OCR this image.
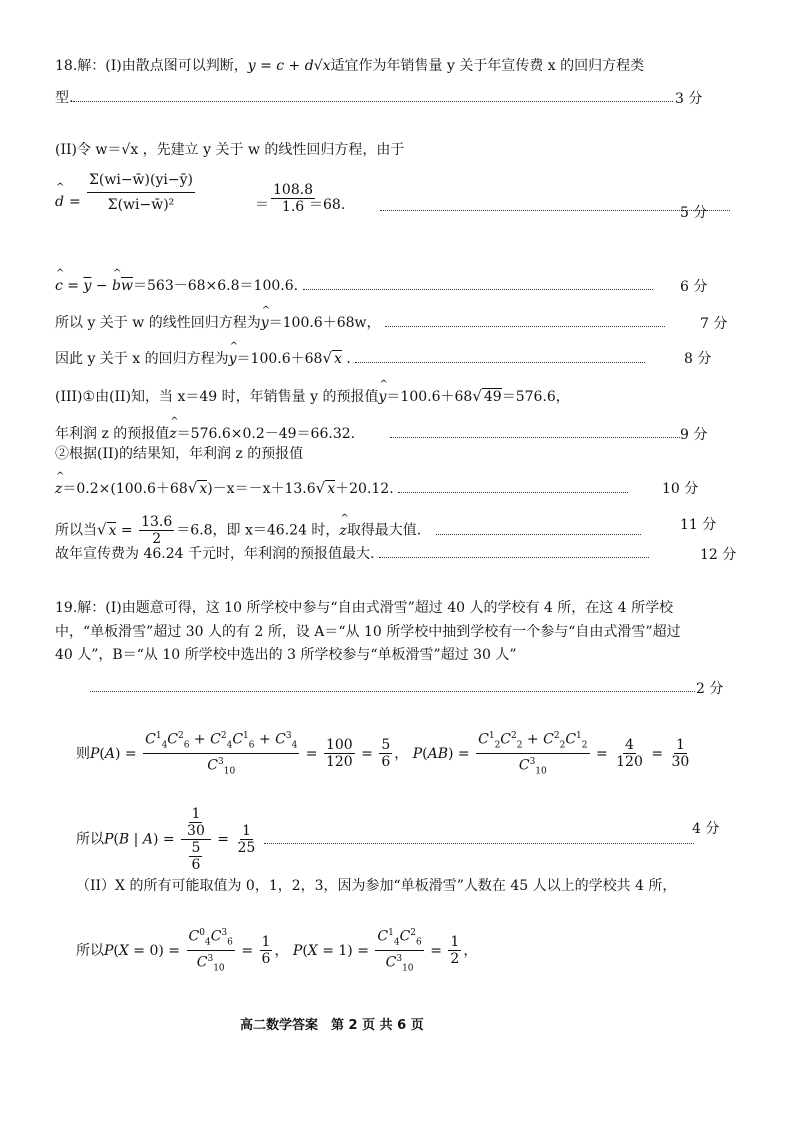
18.解：(I)由散点图可以判断，y = c + d√x适宜作为年销售量 y 关于年宣传费 x 的回归方程类
型.	3 分
(II)令 w＝√x ，先建立 y 关于 w 的线性回归方程，由于
^ $d = \frac{\Sigma(wi-w̄)(yi-ȳ)}{\text{Σ(wi−w̄)²}}$	＝ $\frac{108.8}{1.6}$
＝68.	5 分
^ $c = \overline{y}$ − ^ $b\overline{w}=563-68\times 6.8=100.6$.	6 分
所以 y 关于 w 的线性回归方程为^ y＝100.6＋68w，	7 分
因此 y 关于 x 的回归方程为^ y＝100.6＋68√ x .	8 分
(III)①由(II)知，当 x＝49 时，年销售量 y 的预报值^ y＝100.6＋68√ 49＝576.6，
年利润 z 的预报值^ z＝576.6×0.2－49＝66.32.	9 分
②根据(II)的结果知，年利润 z 的预报值
^ z＝0.2×(100.6＋68√ x)－x＝－x＋13.6√ x＋20.12.	10 分
所以当√ $x = \frac{13.6}{2} =6.8$，即 x＝46.24 时，^ z取得最大值.	11 分
故年宣传费为 46.24 千元时，年利润的预报值最大.	12 分
19.解：(I)由题意可得，这 10 所学校中参与“自由式滑雪”超过 40 人的学校有 4 所，在这 4 所学校
中，“单板滑雪”超过 30 人的有 2 所，设 A＝“从 10 所学校中抽到学校有一个参与“自由式滑雪”超过
40 人”，B＝“从 10 所学校中选出的 3 所学校参与“单板滑雪”超过 30 人”
2 分
则$P(A) = \frac{C^1_4C^2_6 + C^2_4C^1_6 + C^3_4}{C^3_{10}} = \frac{100}{120} = \frac{5}{6}$ ， $P(AB) = \frac{C^1_2C^2_2 + C^2_2C^1_2}{C^3_{10}} = \frac{4}{120} = \frac{1}{30}$
所以P(B | $A) = \frac{\frac{1}{30}}{\frac{5}{6}} = \frac{1}{25}$
	4 分
（II）X 的所有可能取值为 0，1，2，3，因为参加“单板滑雪”人数在 45 人以上的学校共 4 所，
所以$P(X = 0) = \frac{C^0_4C^3_6}{C^3_{10}} = \frac{1}{6}$ ， $P(X = 1) = \frac{C^1_4C^2_6}{C^3_{10}} = \frac{1}{2}$ ，
高二数学答案　第 2 页 共 6 页
